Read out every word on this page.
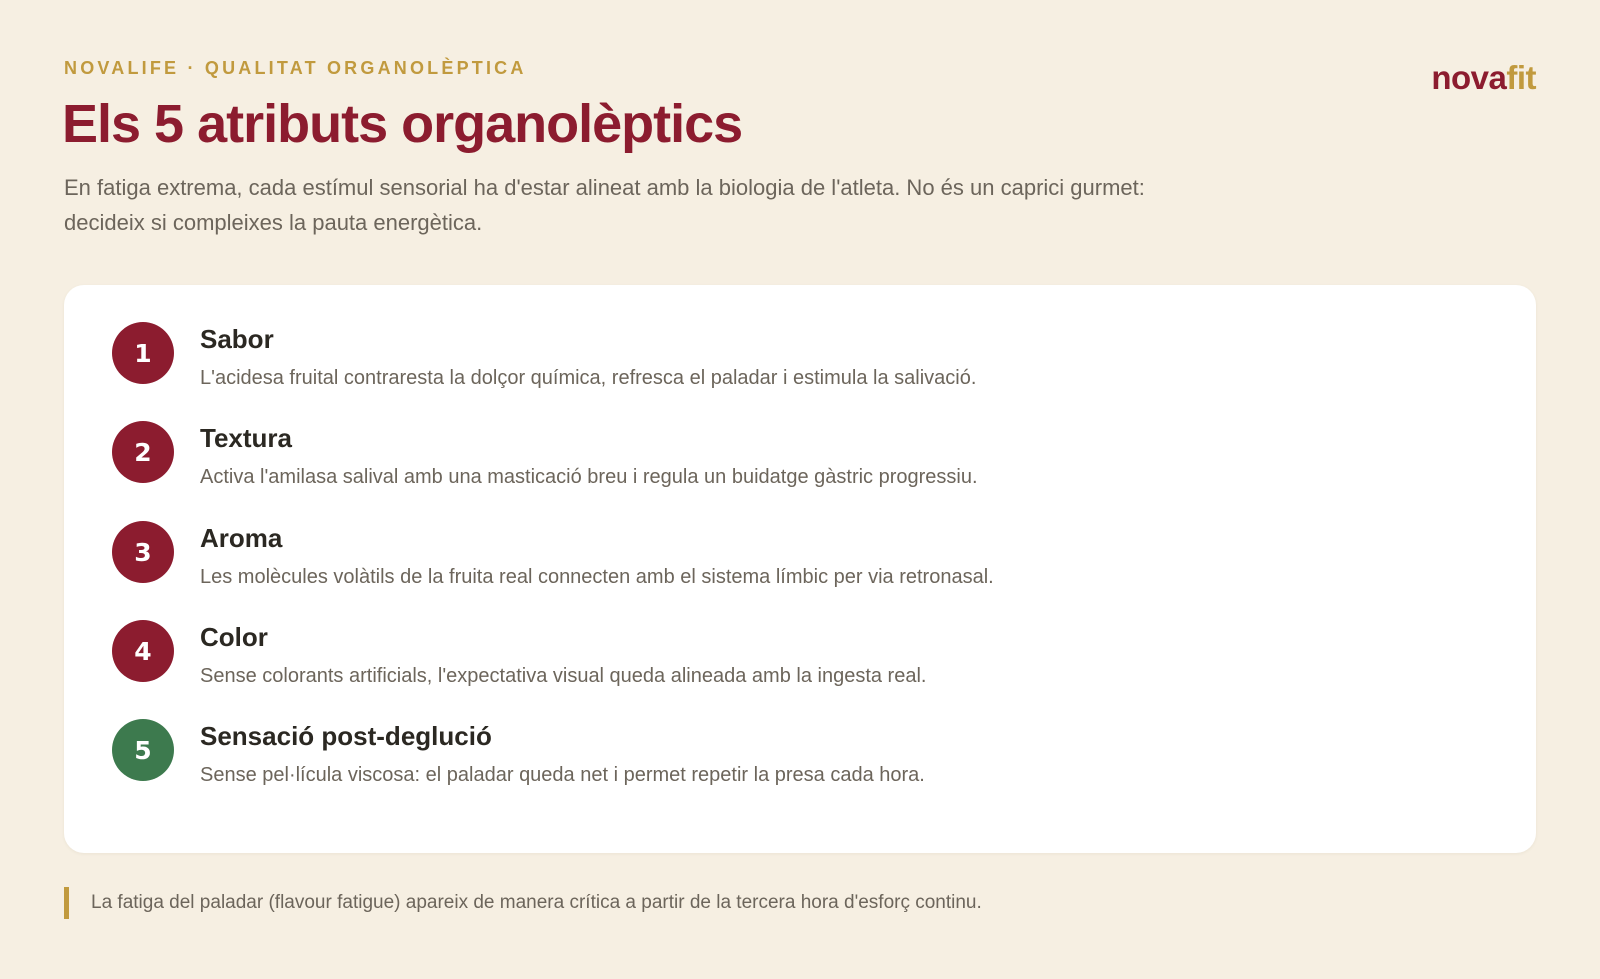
NOVALIFE · QUALITAT ORGANOLÈPTICA	novafit
Els 5 atributs organolèptics

En fatiga extrema, cada estímul sensorial ha d'estar alineat amb la biologia de l'atleta. No és un caprici gurmet: decideix si compleixes la pauta energètica.

1	Sabor
L'acidesa fruital contraresta la dolçor química, refresca el paladar i estimula la salivació.
2	Textura
Activa l'amilasa salival amb una masticació breu i regula un buidatge gàstric progressiu.
3	Aroma
Les molècules volàtils de la fruita real connecten amb el sistema límbic per via retronasal.
4	Color
Sense colorants artificials, l'expectativa visual queda alineada amb la ingesta real.
5	Sensació post-deglució
Sense pel·lícula viscosa: el paladar queda net i permet repetir la presa cada hora.
La fatiga del paladar (flavour fatigue) apareix de manera crítica a partir de la tercera hora d'esforç continu.
